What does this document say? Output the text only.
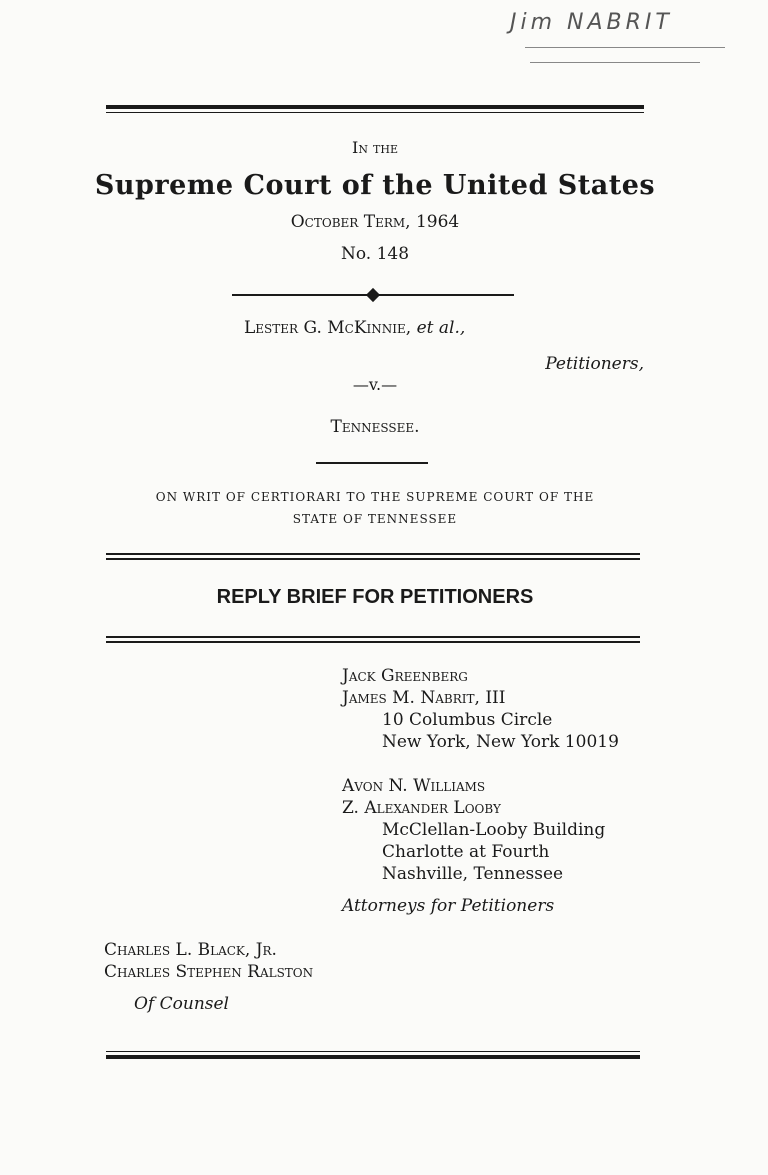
Jim NABRIT
In the
Supreme Court of the United States
October Term, 1964
No. 148
Lester G. McKinnie, et al.,
Petitioners,
—v.—
Tennessee.
ON WRIT OF CERTIORARI TO THE SUPREME COURT OF THE
STATE OF TENNESSEE
REPLY BRIEF FOR PETITIONERS
Jack Greenberg
James M. Nabrit, III
10 Columbus Circle
New York, New York 10019
Avon N. Williams
Z. Alexander Looby
McClellan-Looby Building
Charlotte at Fourth
Nashville, Tennessee
Attorneys for Petitioners
Charles L. Black, Jr.
Charles Stephen Ralston
Of Counsel
